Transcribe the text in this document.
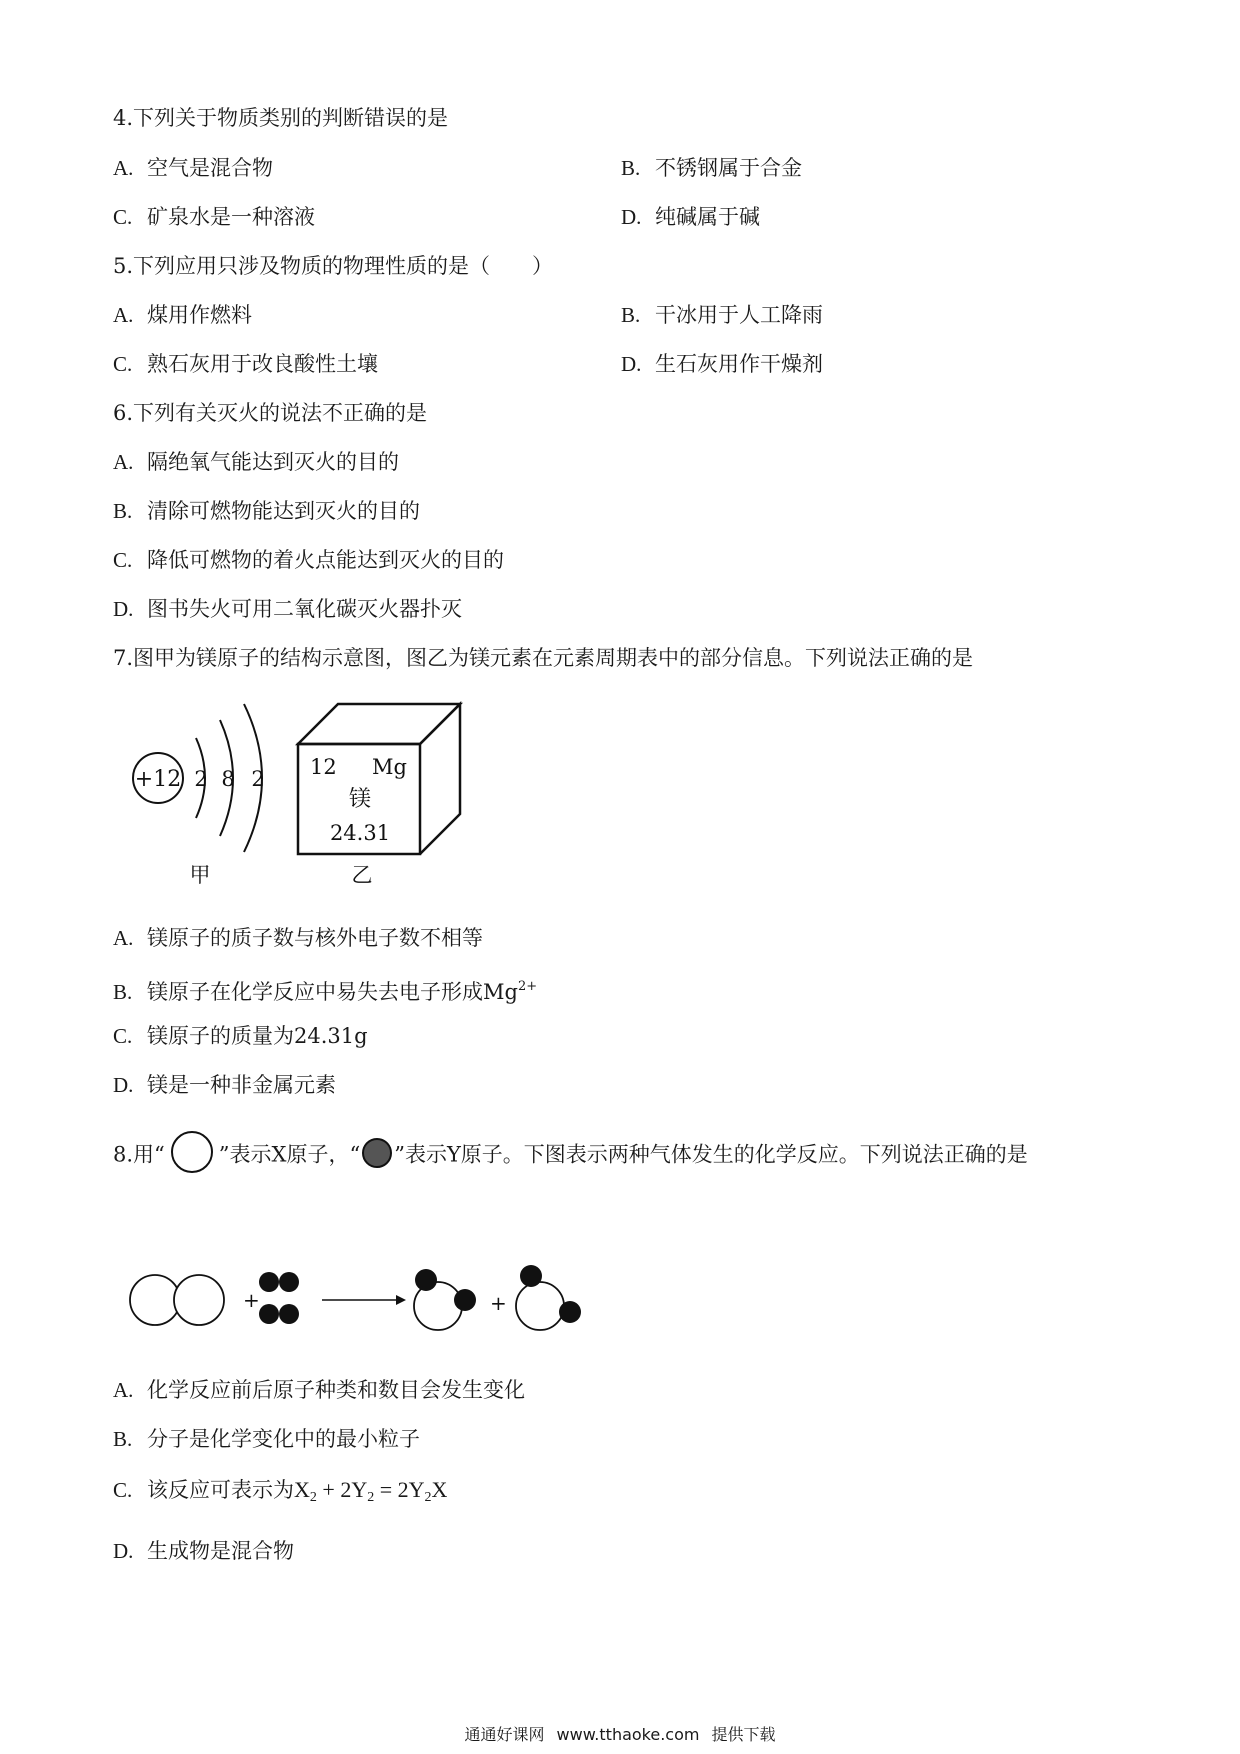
4.下列关于物质类别的判断错误的是
A. 空气是混合物	B. 不锈钢属于合金
C. 矿泉水是一种溶液	D. 纯碱属于碱
5.下列应用只涉及物质的物理性质的是（　　）
A. 煤用作燃料	B. 干冰用于人工降雨
C. 熟石灰用于改良酸性土壤	D. 生石灰用作干燥剂
6.下列有关灭火的说法不正确的是
A. 隔绝氧气能达到灭火的目的
B. 清除可燃物能达到灭火的目的
C. 降低可燃物的着火点能达到灭火的目的
D. 图书失火可用二氧化碳灭火器扑灭
7.图甲为镁原子的结构示意图，图乙为镁元素在元素周期表中的部分信息。下列说法正确的是
+12 2 8 2
甲
12 Mg
镁
24.31
乙
A. 镁原子的质子数与核外电子数不相等
B. 镁原子在化学反应中易失去电子形成$Mg^{2+}$
C. 镁原子的质量为24.31g
D. 镁是一种非金属元素
8.用“	”表示X原子，“ ”表示Y原子。下图表示两种气体发生的化学反应。下列说法正确的是
+	+
A. 化学反应前后原子种类和数目会发生变化
B. 分子是化学变化中的最小粒子
C. 该反应可表示为X2 + 2Y2 = 2Y2X
D. 生成物是混合物
通通好课网 www.tthaoke.com 提供下载
